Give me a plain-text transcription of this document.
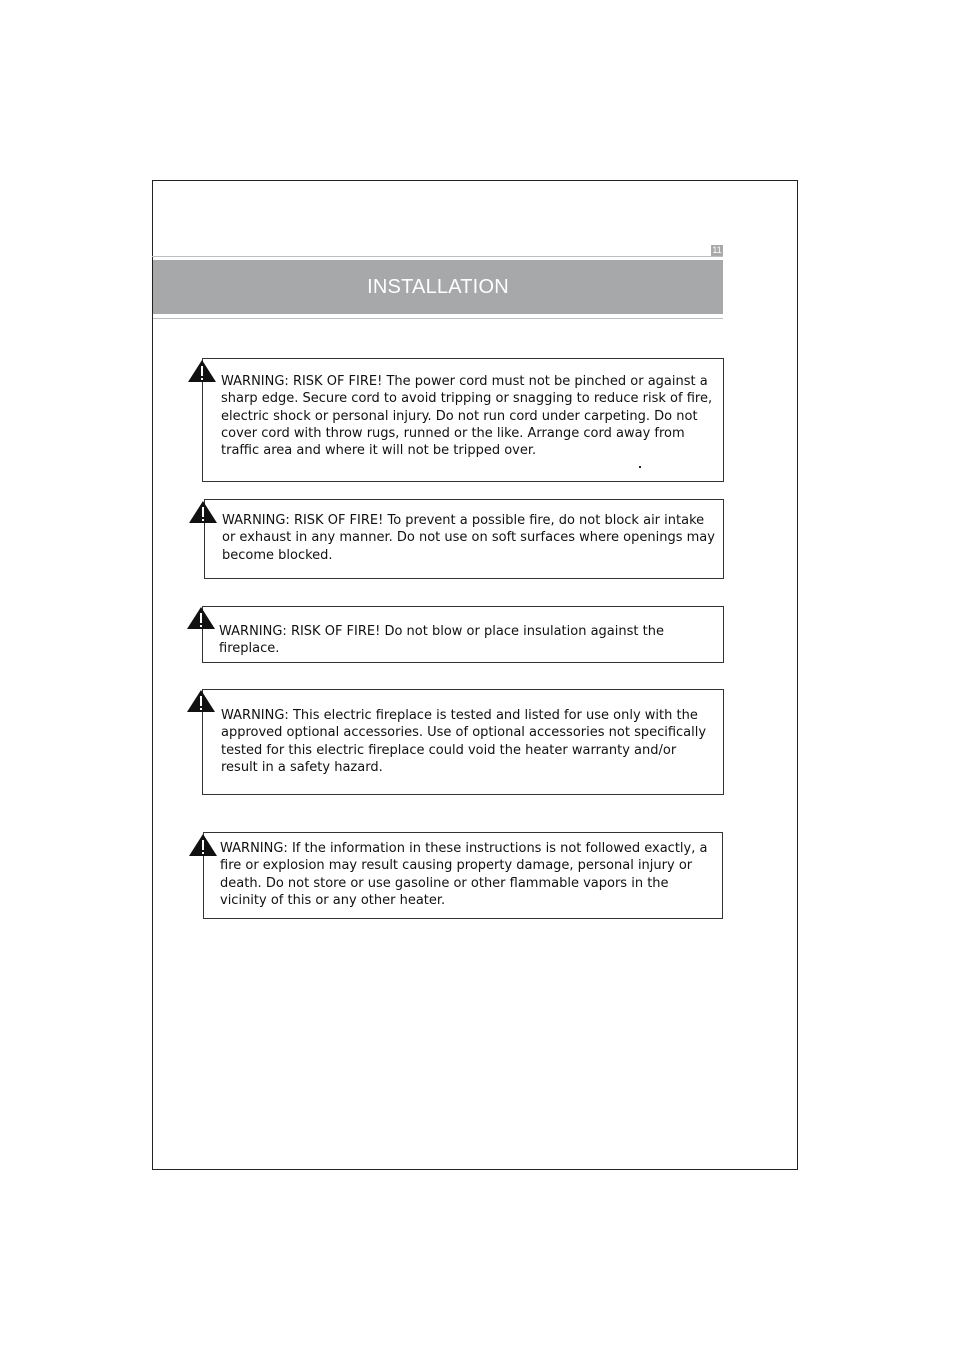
11
INSTALLATION
WARNING: RISK OF FIRE! The power cord must not be pinched or against a sharp edge. Secure cord to avoid tripping or snagging to reduce risk of fire, electric shock or personal injury. Do not run cord under carpeting. Do not cover cord with throw rugs, runned or the like. Arrange cord away from traffic area and where it will not be tripped over.
WARNING: RISK OF FIRE! To prevent a possible fire, do not block air intake or exhaust in any manner. Do not use on soft surfaces where openings may become blocked.
WARNING: RISK OF FIRE! Do not blow or place insulation against the fireplace.
WARNING: This electric fireplace is tested and listed for use only with the approved optional accessories. Use of optional accessories not specifically tested for this electric fireplace could void the heater warranty and/or result in a safety hazard.
WARNING: If the information in these instructions is not followed exactly, a fire or explosion may result causing property damage, personal injury or death. Do not store or use gasoline or other flammable vapors in the vicinity of this or any other heater.
